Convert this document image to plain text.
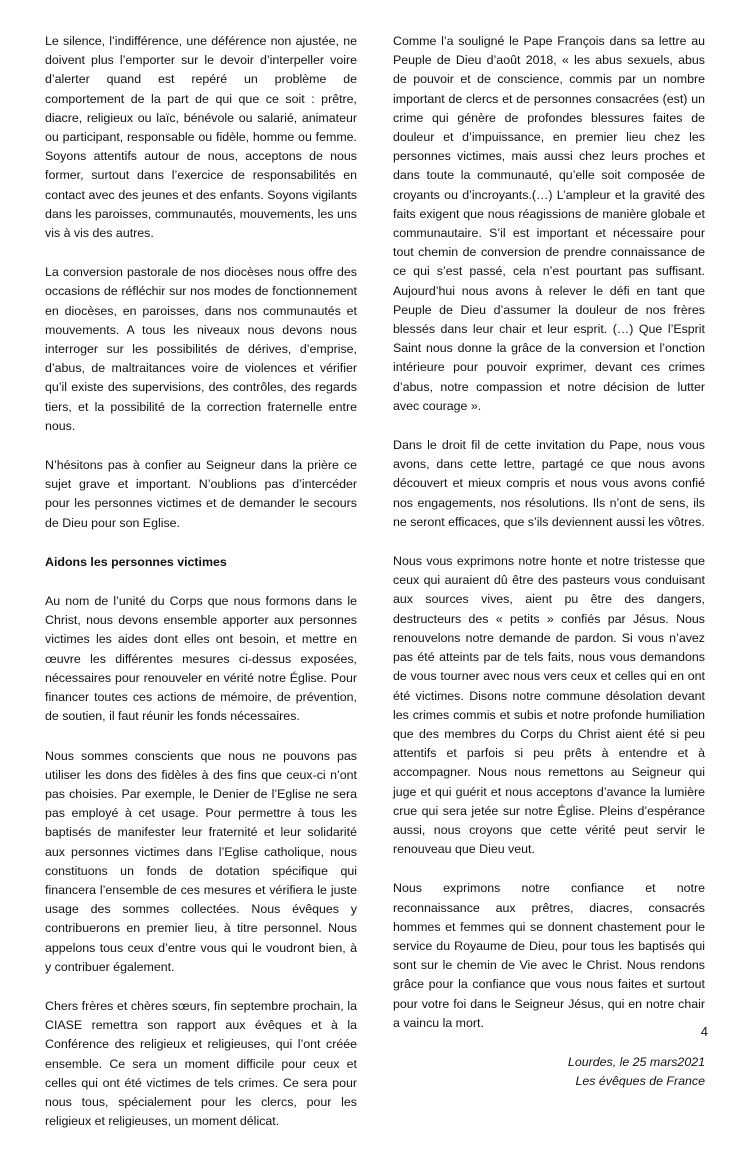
Le silence, l’indifférence, une déférence non ajustée, ne doivent plus l’emporter sur le devoir d’interpeller voire d’alerter quand est repéré un problème de comportement de la part de qui que ce soit : prêtre, diacre, religieux ou laïc, bénévole ou salarié, animateur ou participant, responsable ou fidèle, homme ou femme. Soyons attentifs autour de nous, acceptons de nous former, surtout dans l’exercice de responsabilités en contact avec des jeunes et des enfants. Soyons vigilants dans les paroisses, communautés, mouvements, les uns vis à vis des autres.

La conversion pastorale de nos diocèses nous offre des occasions de réfléchir sur nos modes de fonctionnement en diocèses, en paroisses, dans nos communautés et mouvements. A tous les niveaux nous devons nous interroger sur les possibilités de dérives, d’emprise, d’abus, de maltraitances voire de violences et vérifier qu’il existe des supervisions, des contrôles, des regards tiers, et la possibilité de la correction fraternelle entre nous.

N’hésitons pas à confier au Seigneur dans la prière ce sujet grave et important. N’oublions pas d’intercéder pour les personnes victimes et de demander le secours de Dieu pour son Eglise.

Aidons les personnes victimes

Au nom de l’unité du Corps que nous formons dans le Christ, nous devons ensemble apporter aux personnes victimes les aides dont elles ont besoin, et mettre en œuvre les différentes mesures ci-dessus exposées, nécessaires pour renouveler en vérité notre Église. Pour financer toutes ces actions de mémoire, de prévention, de soutien, il faut réunir les fonds nécessaires.

Nous sommes conscients que nous ne pouvons pas utiliser les dons des fidèles à des fins que ceux-ci n’ont pas choisies. Par exemple, le Denier de l’Eglise ne sera pas employé à cet usage. Pour permettre à tous les baptisés de manifester leur fraternité et leur solidarité aux personnes victimes dans l’Eglise catholique, nous constituons un fonds de dotation spécifique qui financera l’ensemble de ces mesures et vérifiera le juste usage des sommes collectées. Nous évêques y contribuerons en premier lieu, à titre personnel. Nous appelons tous ceux d’entre vous qui le voudront bien, à y contribuer également.

Chers frères et chères sœurs, fin septembre prochain, la CIASE remettra son rapport aux évêques et à la Conférence des religieux et religieuses, qui l’ont créée ensemble. Ce sera un moment difficile pour ceux et celles qui ont été victimes de tels crimes. Ce sera pour nous tous, spécialement pour les clercs, pour les religieux et religieuses, un moment délicat.

Comme l’a souligné le Pape François dans sa lettre au Peuple de Dieu d’août 2018, « les abus sexuels, abus de pouvoir et de conscience, commis par un nombre important de clercs et de personnes consacrées (est) un crime qui génère de profondes blessures faites de douleur et d’impuissance, en premier lieu chez les personnes victimes, mais aussi chez leurs proches et dans toute la communauté, qu’elle soit composée de croyants ou d’incroyants.(…) L’ampleur et la gravité des faits exigent que nous réagissions de manière globale et communautaire. S’il est important et nécessaire pour tout chemin de conversion de prendre connaissance de ce qui s’est passé, cela n’est pourtant pas suffisant. Aujourd’hui nous avons à relever le défi en tant que Peuple de Dieu d’assumer la douleur de nos frères blessés dans leur chair et leur esprit. (…) Que l’Esprit Saint nous donne la grâce de la conversion et l’onction intérieure pour pouvoir exprimer, devant ces crimes d’abus, notre compassion et notre décision de lutter avec courage ».

Dans le droit fil de cette invitation du Pape, nous vous avons, dans cette lettre, partagé ce que nous avons découvert et mieux compris et nous vous avons confié nos engagements, nos résolutions. Ils n’ont de sens, ils ne seront efficaces, que s’ils deviennent aussi les vôtres.

Nous vous exprimons notre honte et notre tristesse que ceux qui auraient dû être des pasteurs vous conduisant aux sources vives, aient pu être des dangers, destructeurs des « petits » confiés par Jésus. Nous renouvelons notre demande de pardon. Si vous n’avez pas été atteints par de tels faits, nous vous demandons de vous tourner avec nous vers ceux et celles qui en ont été victimes. Disons notre commune désolation devant les crimes commis et subis et notre profonde humiliation que des membres du Corps du Christ aient été si peu attentifs et parfois si peu prêts à entendre et à accompagner. Nous nous remettons au Seigneur qui juge et qui guérit et nous acceptons d’avance la lumière crue qui sera jetée sur notre Église. Pleins d’espérance aussi, nous croyons que cette vérité peut servir le renouveau que Dieu veut.

Nous exprimons notre confiance et notre reconnaissance aux prêtres, diacres, consacrés hommes et femmes qui se donnent chastement pour le service du Royaume de Dieu, pour tous les baptisés qui sont sur le chemin de Vie avec le Christ. Nous rendons grâce pour la confiance que vous nous faites et surtout pour votre foi dans le Seigneur Jésus, qui en notre chair a vaincu la mort.

Lourdes, le 25 mars2021
Les évêques de France
4
